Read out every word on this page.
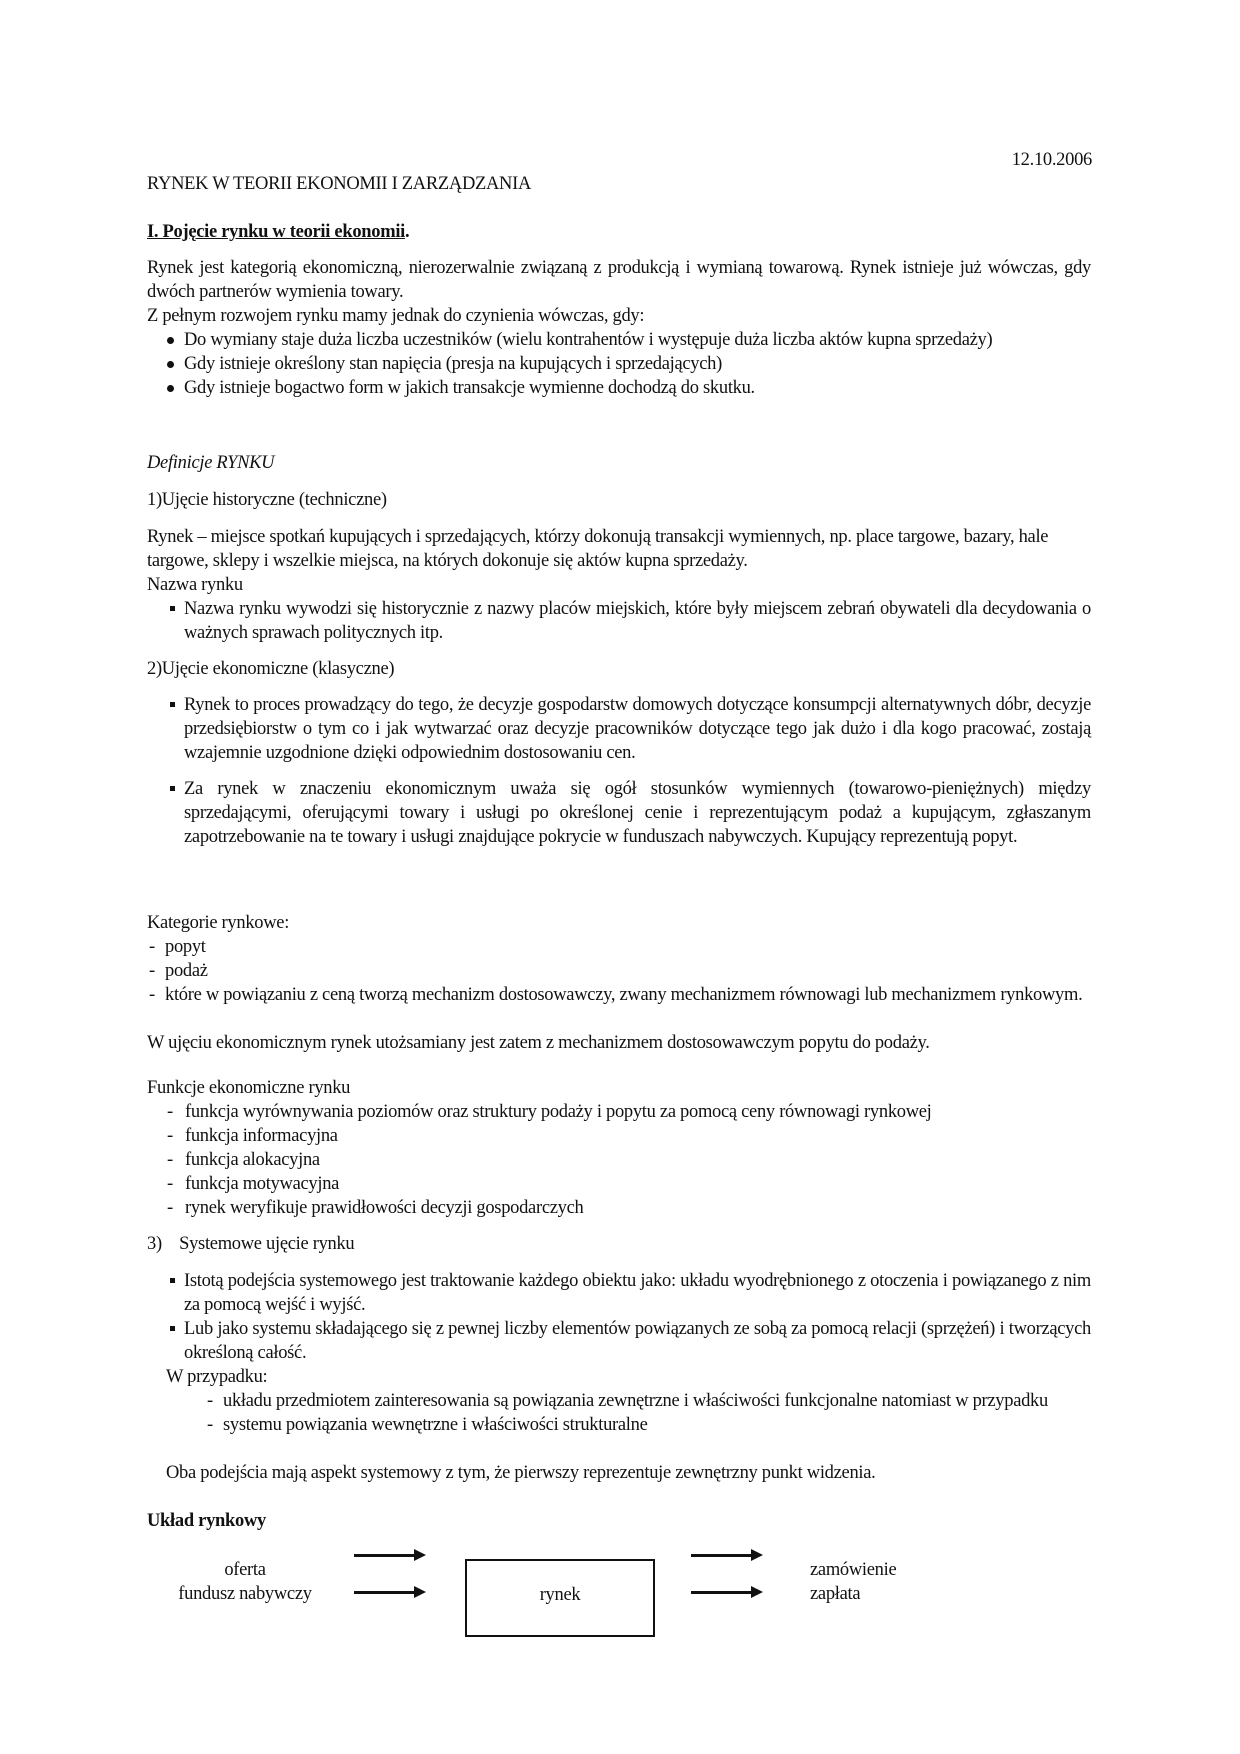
12.10.2006
RYNEK W TEORII EKONOMII I ZARZĄDZANIA
I. Pojęcie rynku w teorii ekonomii.
Rynek jest kategorią ekonomiczną, nierozerwalnie związaną z produkcją i wymianą towarową. Rynek istnieje już wówczas, gdy dwóch partnerów wymienia towary.
Z pełnym rozwojem rynku mamy jednak do czynienia wówczas, gdy:
Do wymiany staje duża liczba uczestników (wielu kontrahentów i występuje duża liczba aktów kupna sprzedaży)
Gdy istnieje określony stan napięcia (presja na kupujących i sprzedających)
Gdy istnieje bogactwo form w jakich transakcje wymienne dochodzą do skutku.
Definicje RYNKU
1)Ujęcie historyczne (techniczne)
Rynek – miejsce spotkań kupujących i sprzedających, którzy dokonują transakcji wymiennych, np. place targowe, bazary, hale targowe, sklepy i wszelkie miejsca, na których dokonuje się aktów kupna sprzedaży.
Nazwa rynku
Nazwa rynku wywodzi się historycznie z nazwy placów miejskich, które były miejscem zebrań obywateli dla decydowania o ważnych sprawach politycznych itp.
2)Ujęcie ekonomiczne (klasyczne)
Rynek to proces prowadzący do tego, że decyzje gospodarstw domowych dotyczące konsumpcji alternatywnych dóbr, decyzje przedsiębiorstw o tym co i jak wytwarzać oraz decyzje pracowników dotyczące tego jak dużo i dla kogo pracować, zostają wzajemnie uzgodnione dzięki odpowiednim dostosowaniu cen.
Za rynek w znaczeniu ekonomicznym uważa się ogół stosunków wymiennych (towarowo-pieniężnych) między sprzedającymi, oferującymi towary i usługi po określonej cenie i reprezentującym podaż a kupującym, zgłaszanym zapotrzebowanie na te towary i usługi znajdujące pokrycie w funduszach nabywczych. Kupujący reprezentują popyt.
Kategorie rynkowe:
- popyt
- podaż
- które w powiązaniu z ceną tworzą mechanizm dostosowawczy, zwany mechanizmem równowagi lub mechanizmem rynkowym.
W ujęciu ekonomicznym rynek utożsamiany jest zatem z mechanizmem dostosowawczym popytu do podaży.
Funkcje ekonomiczne rynku
- funkcja wyrównywania poziomów oraz struktury podaży i popytu za pomocą ceny równowagi rynkowej
- funkcja informacyjna
- funkcja alokacyjna
- funkcja motywacyjna
- rynek weryfikuje prawidłowości decyzji gospodarczych
3)    Systemowe ujęcie rynku
Istotą podejścia systemowego jest traktowanie każdego obiektu jako: układu wyodrębnionego z otoczenia i powiązanego z nim za pomocą wejść i wyjść.
Lub jako systemu składającego się z pewnej liczby elementów powiązanych ze sobą za pomocą relacji (sprzężeń) i tworzących określoną całość.
W przypadku:
- układu przedmiotem zainteresowania są powiązania zewnętrzne i właściwości funkcjonalne natomiast w przypadku
- systemu powiązania wewnętrzne i właściwości strukturalne
Oba podejścia mają aspekt systemowy z tym, że pierwszy reprezentuje zewnętrzny punkt widzenia.
Układ rynkowy
oferta
fundusz nabywczy	rynek
zamówienie
zapłata
